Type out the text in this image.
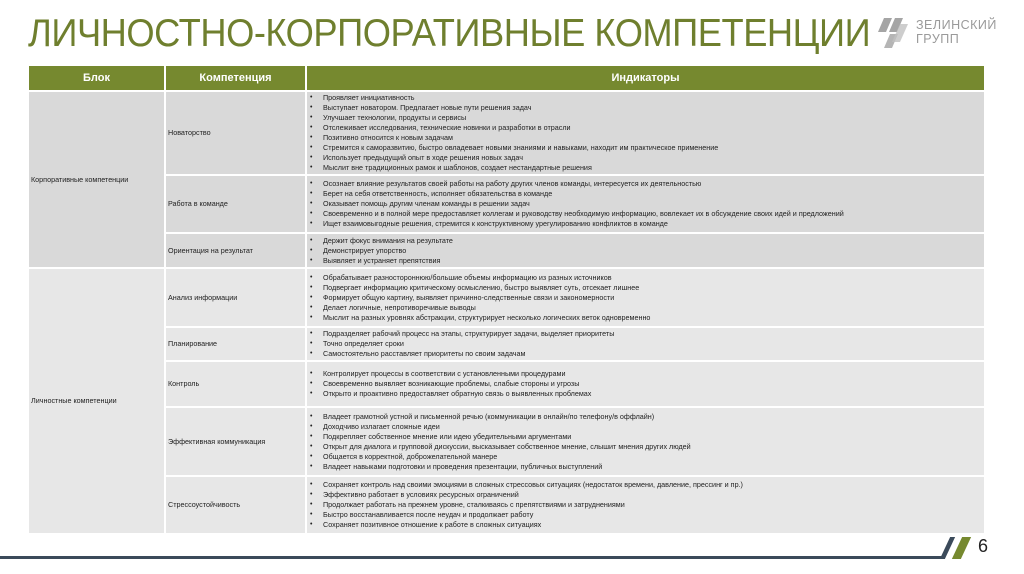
ЛИЧНОСТНО-КОРПОРАТИВНЫЕ КОМПЕТЕНЦИИ	ЗЕЛИНСКИЙ
ГРУПП
Блок	Компетенция	Индикаторы
Корпоративные компетенции	Новаторство	
• Проявляет инициативность
• Выступает новатором. Предлагает новые пути решения задач
• Улучшает технологии, продукты и сервисы
• Отслеживает исследования, технические новинки и разработки в отрасли
• Позитивно относится к новым задачам
• Стремится к саморазвитию, быстро овладевает новыми знаниями и навыками, находит им практическое применение
• Использует предыдущий опыт в ходе решения новых задач
• Мыслит вне традиционных рамок и шаблонов, создает нестандартные решения

Работа в команде	
• Осознает влияние результатов своей работы на работу других членов команды, интересуется их деятельностью
• Берет на себя ответственность, исполняет обязательства в команде
• Оказывает помощь другим членам команды в решении задач
• Своевременно и в полной мере предоставляет коллегам и руководству необходимую информацию, вовлекает их в обсуждение своих идей и предложений
• Ищет взаимовыгодные решения, стремится к конструктивному урегулированию конфликтов в команде

Ориентация на результат	
• Держит фокус внимания на результате
• Демонстрирует упорство
• Выявляет и устраняет препятствия

Личностные компетенции	Анализ информации	
• Обрабатывает разностороннюю/большие объемы информацию из разных источников
• Подвергает информацию критическому осмыслению, быстро выявляет суть, отсекает лишнее
• Формирует общую картину, выявляет причинно-следственные связи и закономерности
• Делает логичные, непротиворечивые выводы
• Мыслит на разных уровнях абстракции, структурирует несколько логических веток одновременно

Планирование	
• Подразделяет рабочий процесс на этапы, структурирует задачи, выделяет приоритеты
• Точно определяет сроки
• Самостоятельно расставляет приоритеты по своим задачам

Контроль	
• Контролирует процессы в соответствии с установленными процедурами
• Своевременно выявляет возникающие проблемы, слабые стороны и угрозы
• Открыто и проактивно предоставляет обратную связь о выявленных проблемах

Эффективная коммуникация	
• Владеет грамотной устной и письменной речью (коммуникации в онлайн/по телефону/в оффлайн)
• Доходчиво излагает сложные идеи
• Подкрепляет собственное мнение или идею убедительными аргументами
• Открыт для диалога и групповой дискуссии, высказывает собственное мнение, слышит мнения других людей
• Общается в корректной, доброжелательной манере
• Владеет навыками подготовки и проведения презентации, публичных выступлений

Стрессоустойчивость	
• Сохраняет контроль над своими эмоциями в сложных стрессовых ситуациях (недостаток времени, давление, прессинг и пр.)
• Эффективно работает в условиях ресурсных ограничений
• Продолжает работать на прежнем уровне, сталкиваясь с препятствиями и затруднениями
• Быстро восстанавливается после неудач и продолжает работу
• Сохраняет позитивное отношение к работе в сложных ситуациях
6
